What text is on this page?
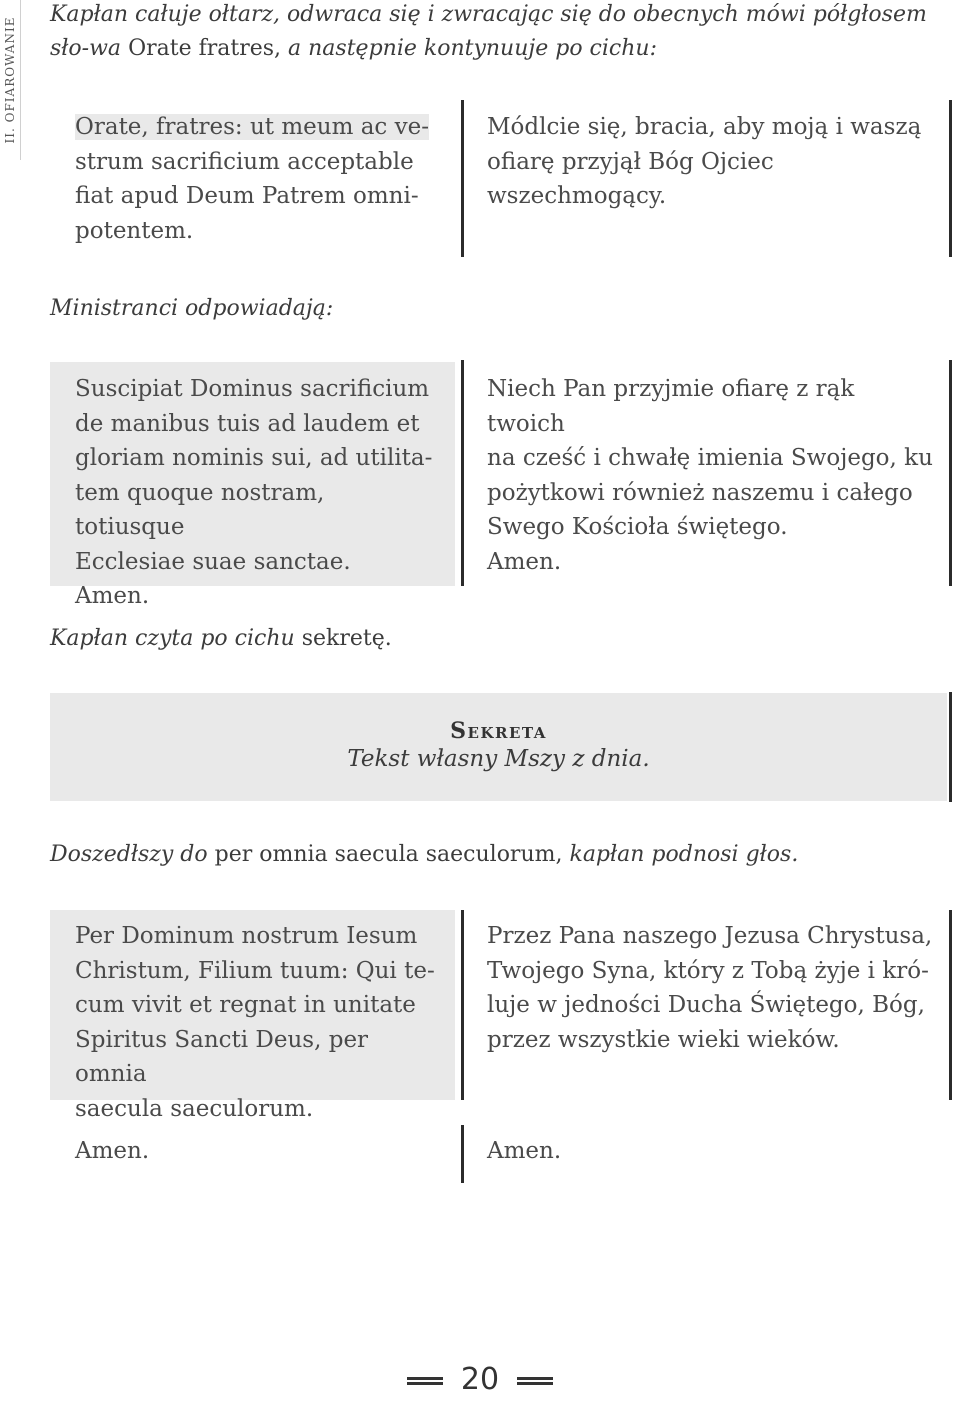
II. OFIAROWANIE
Kapłan całuje ołtarz, odwraca się i zwracając się do obecnych mówi półgłosem sło-wa Orate fratres, a następnie kontynuuje po cichu:
Orate, fratres: ut meum ac ve-
strum sacrificium acceptable
fiat apud Deum Patrem omni-
potentem.
Módlcie się, bracia, aby moją i waszą
ofiarę przyjął Bóg Ojciec wszechmogący.
Ministranci odpowiadają:
Suscipiat Dominus sacrificium
de manibus tuis ad laudem et
gloriam nominis sui, ad utilita-
tem quoque nostram, totiusque
Ecclesiae suae sanctae.
Amen.
Niech Pan przyjmie ofiarę z rąk twoich
na cześć i chwałę imienia Swojego, ku
pożytkowi również naszemu i całego
Swego Kościoła świętego.
Amen.
Kapłan czyta po cichu sekretę.
Sekreta
Tekst własny Mszy z dnia.
Doszedłszy do per omnia saecula saeculorum, kapłan podnosi głos.
Per Dominum nostrum Iesum
Christum, Filium tuum: Qui te-
cum vivit et regnat in unitate
Spiritus Sancti Deus, per omnia
saecula saeculorum.
Przez Pana naszego Jezusa Chrystusa,
Twojego Syna, który z Tobą żyje i kró-
luje w jedności Ducha Świętego, Bóg,
przez wszystkie wieki wieków.
Amen.	Amen.
20
